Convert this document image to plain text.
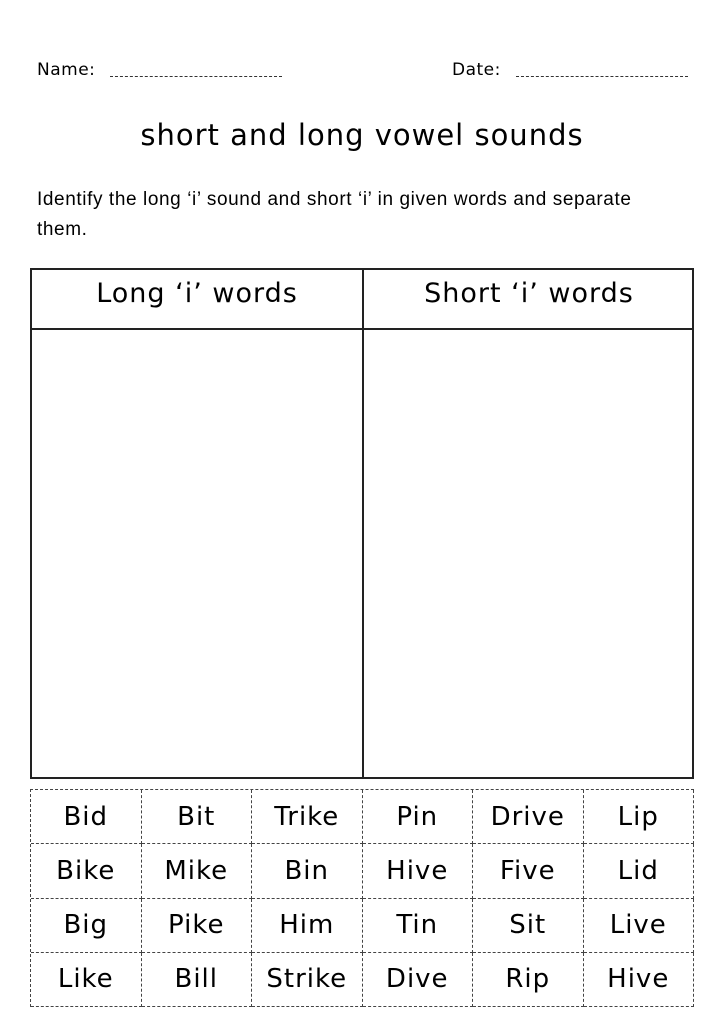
Name:	Date:
short and long vowel sounds
Identify the long ‘i’ sound and short ‘i’ in given words and separate them.
Long ‘i’ words	Short ‘i’ words
Bid	Bit	Trike	Pin	Drive	Lip
Bike	Mike	Bin	Hive	Five	Lid
Big	Pike	Him	Tin	Sit	Live
Like	Bill	Strike	Dive	Rip	Hive
